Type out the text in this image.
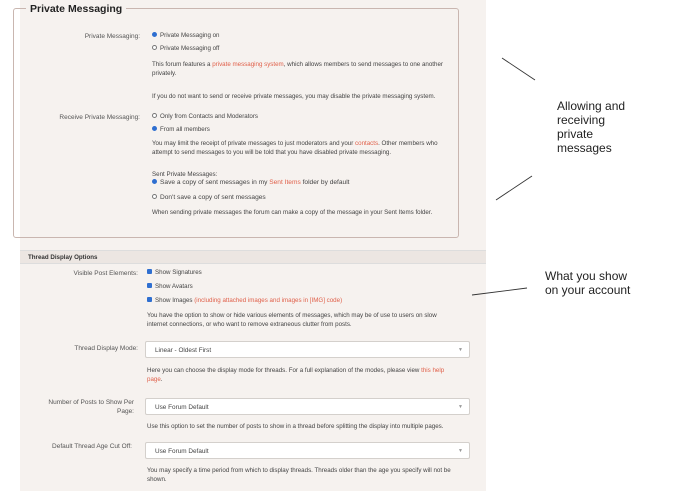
Private Messaging
Private Messaging:	Private Messaging on
Private Messaging off
This forum features a private messaging system, which allows members to send messages to one another
privately.
If you do not want to send or receive private messages, you may disable the private messaging system.
Receive Private Messaging:	Only from Contacts and Moderators
From all members
You may limit the receipt of private messages to just moderators and your contacts. Other members who
attempt to send messages to you will be told that you have disabled private messaging.
Sent Private Messages:
Save a copy of sent messages in my Sent Items folder by default
Don't save a copy of sent messages
When sending private messages the forum can make a copy of the message in your Sent Items folder.
Thread Display Options
Visible Post Elements:	Show Signatures
Show Avatars
Show Images (including attached images and images in [IMG] code)
You have the option to show or hide various elements of messages, which may be of use to users on slow
internet connections, or who want to remove extraneous clutter from posts.
Thread Display Mode:	Linear - Oldest First	▼
Here you can choose the display mode for threads. For a full explanation of the modes, please view this help
page.
Number of Posts to Show Per
Page:
Use Forum Default	▼
Use this option to set the number of posts to show in a thread before splitting the display into multiple pages.
Default Thread Age Cut Off:
Use Forum Default	▼
You may specify a time period from which to display threads. Threads older than the age you specify will not be
shown.
Allowing and
receiving
private
messages
What you show
on your account
